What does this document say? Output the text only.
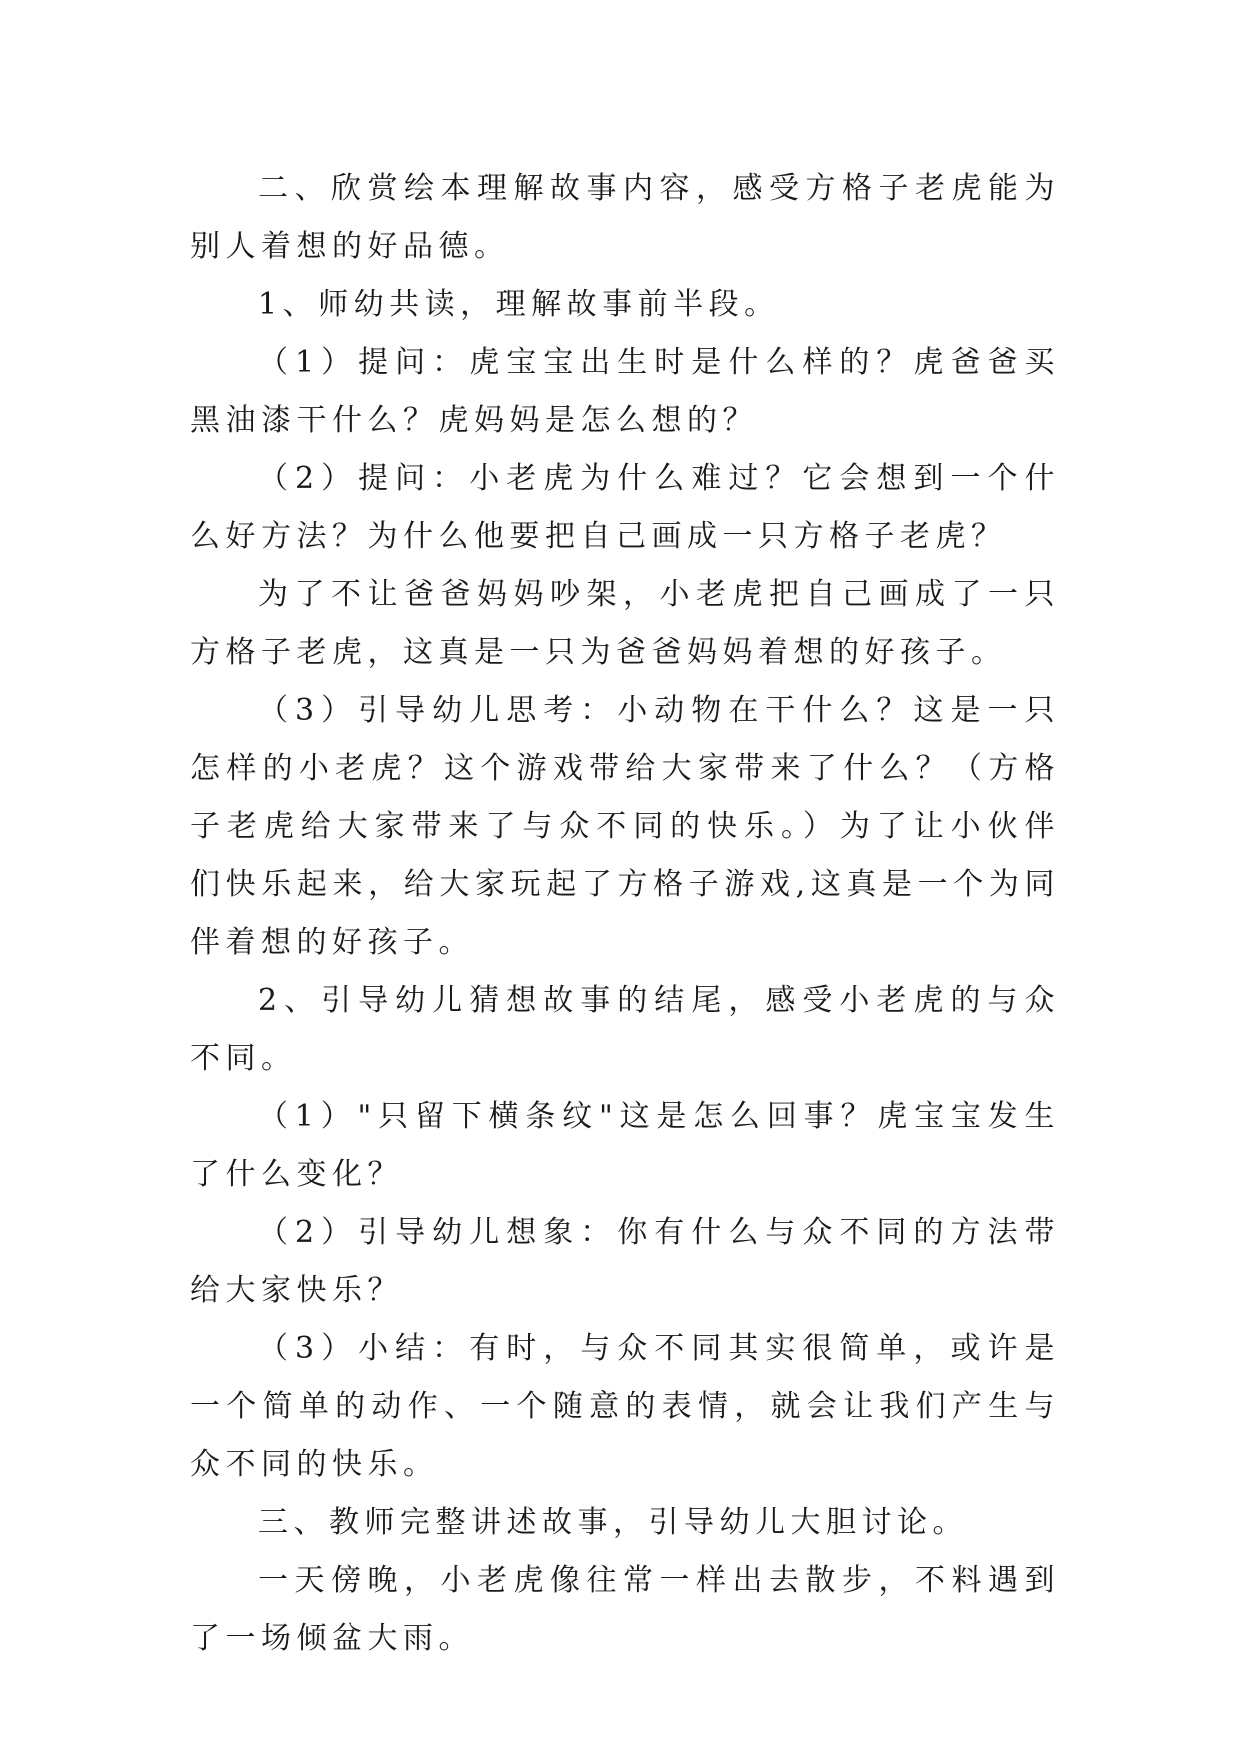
二、欣赏绘本理解故事内容，感受方格子老虎能为别人着想的好品德。

1、师幼共读，理解故事前半段。

（1）提问：虎宝宝出生时是什么样的？虎爸爸买黑油漆干什么？虎妈妈是怎么想的？

（2）提问：小老虎为什么难过？它会想到一个什么好方法？为什么他要把自己画成一只方格子老虎？

为了不让爸爸妈妈吵架，小老虎把自己画成了一只方格子老虎，这真是一只为爸爸妈妈着想的好孩子。

（3）引导幼儿思考：小动物在干什么？这是一只怎样的小老虎？这个游戏带给大家带来了什么？（方格子老虎给大家带来了与众不同的快乐。）为了让小伙伴们快乐起来，给大家玩起了方格子游戏,这真是一个为同伴着想的好孩子。

2、引导幼儿猜想故事的结尾，感受小老虎的与众不同。

（1）"只留下横条纹"这是怎么回事？虎宝宝发生了什么变化？

（2）引导幼儿想象：你有什么与众不同的方法带给大家快乐？

（3）小结：有时，与众不同其实很简单，或许是一个简单的动作、一个随意的表情，就会让我们产生与众不同的快乐。

三、教师完整讲述故事，引导幼儿大胆讨论。

一天傍晚，小老虎像往常一样出去散步，不料遇到了一场倾盆大雨。
